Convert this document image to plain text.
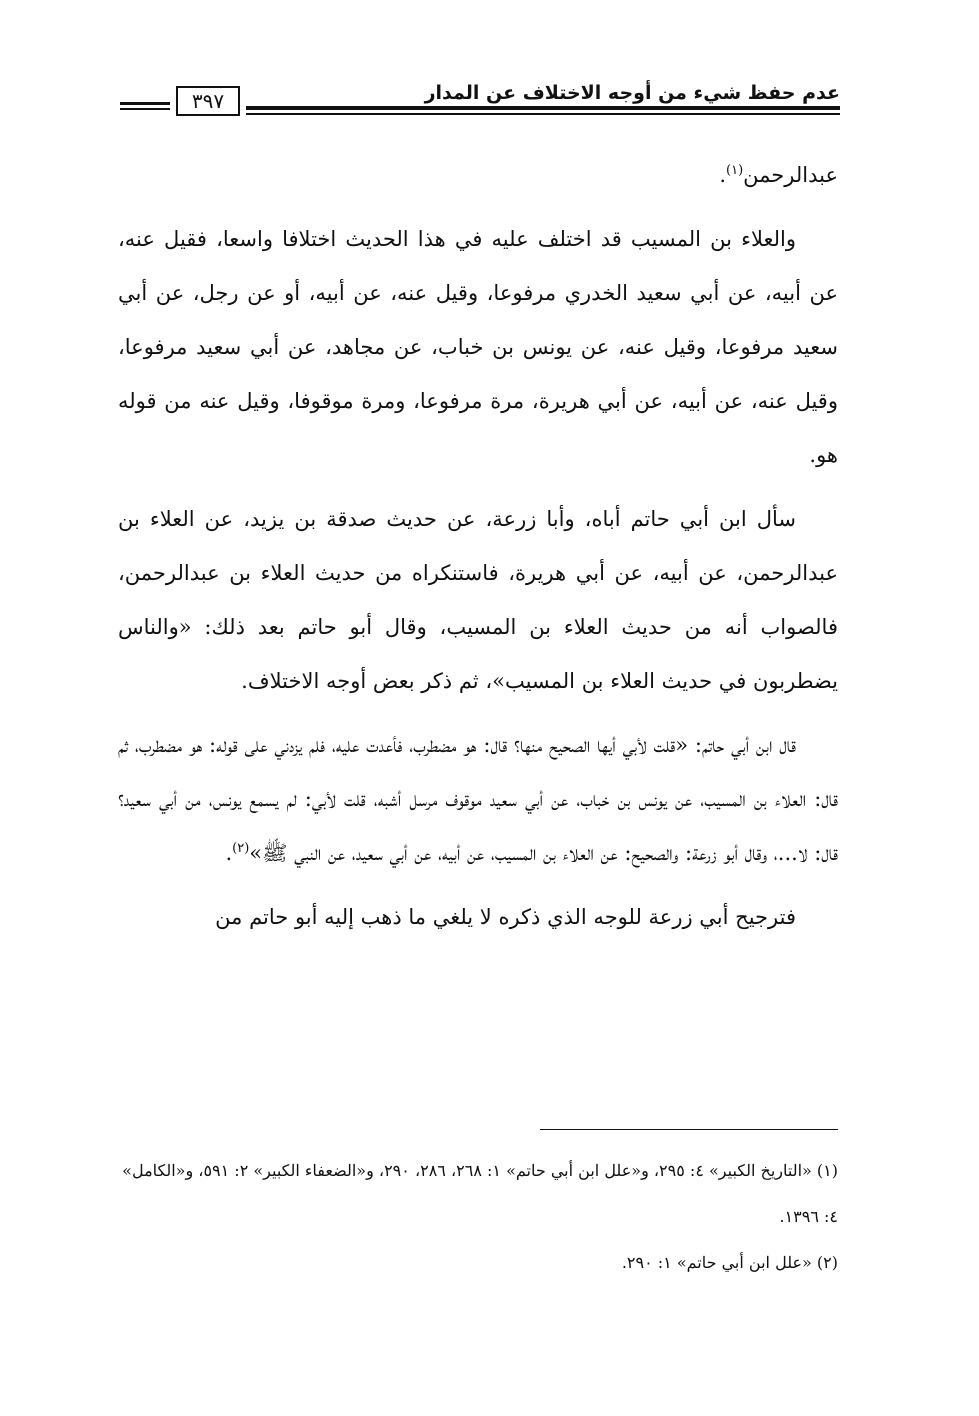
عدم حفظ شيء من أوجه الاختلاف عن المدار
٣٩٧

عبدالرحمن$^{(١)}$.

والعلاء بن المسيب قد اختلف عليه في هذا الحديث اختلافا واسعا، فقيل عنه، عن أبيه، عن أبي سعيد الخدري مرفوعا، وقيل عنه، عن أبيه، أو عن رجل، عن أبي سعيد مرفوعا، وقيل عنه، عن يونس بن خباب، عن مجاهد، عن أبي سعيد مرفوعا، وقيل عنه، عن أبيه، عن أبي هريرة، مرة مرفوعا، ومرة موقوفا، وقيل عنه من قوله هو.

سأل ابن أبي حاتم أباه، وأبا زرعة، عن حديث صدقة بن يزيد، عن العلاء بن عبدالرحمن، عن أبيه، عن أبي هريرة، فاستنكراه من حديث العلاء بن عبدالرحمن، فالصواب أنه من حديث العلاء بن المسيب، وقال أبو حاتم بعد ذلك: «والناس يضطربون في حديث العلاء بن المسيب»، ثم ذكر بعض أوجه الاختلاف.

قال ابن أبي حاتم: «قلت لأبي أيها الصحيح منها؟ قال: هو مضطرب، فأعدت عليه، فلم يزدني على قوله: هو مضطرب، ثم قال: العلاء بن المسيب، عن يونس بن خباب، عن أبي سعيد موقوف مرسل أشبه، قلت لأبي: لم يسمع يونس، من أبي سعيد؟ قال: لا...، وقال أبو زرعة: والصحيح: عن العلاء بن المسيب، عن أبيه، عن أبي سعيد، عن النبي ﷺ»$^{(٢)}$.

فترجيح أبي زرعة للوجه الذي ذكره لا يلغي ما ذهب إليه أبو حاتم من

(١) «التاريخ الكبير» ٤: ٢٩٥، و«علل ابن أبي حاتم» ١: ٢٦٨، ٢٨٦، ٢٩٠، و«الضعفاء الكبير» ٢: ٥٩١، و«الكامل» ٤: ١٣٩٦.

(٢) «علل ابن أبي حاتم» ١: ٢٩٠.
